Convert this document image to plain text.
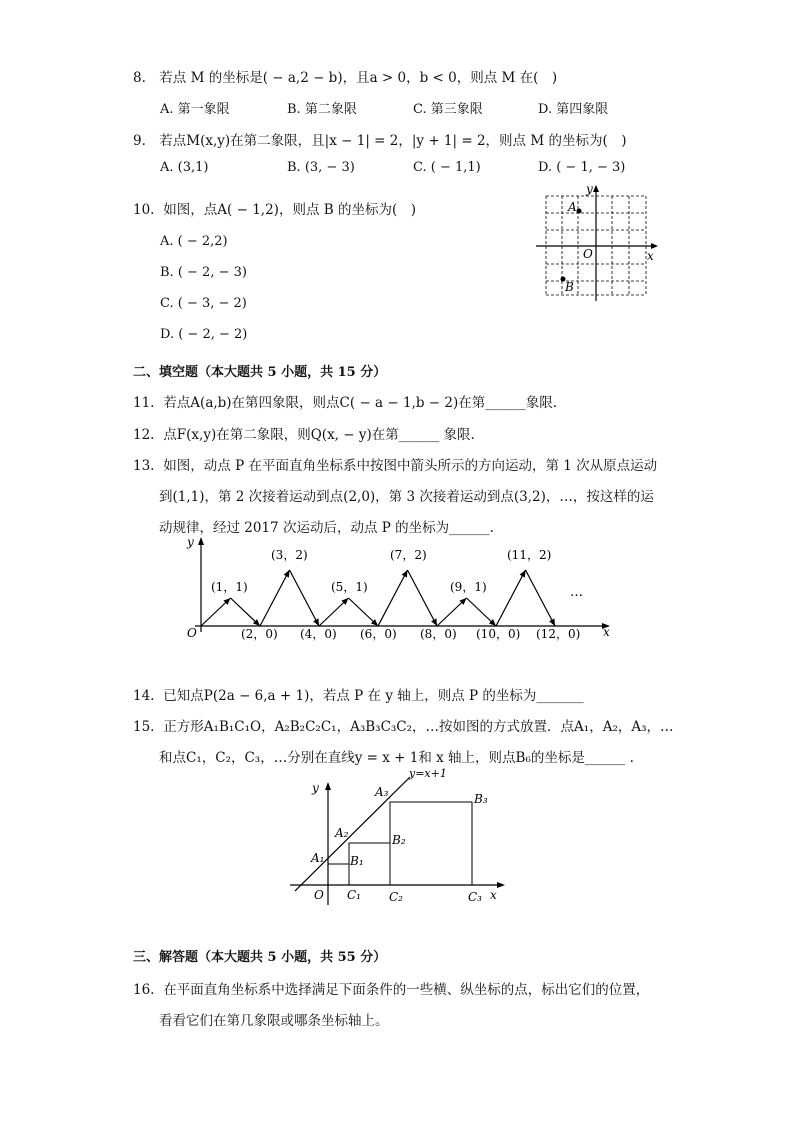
8. 若点 M 的坐标是( − a,2 − b)，且a > 0，b < 0，则点 M 在(　)
A. 第一象限	B. 第二象限	C. 第三象限	D. 第四象限
9. 若点M(x,y)在第二象限，且|x − 1| = 2，|y + 1| = 2，则点 M 的坐标为(　)
A. (3,1)	B. (3, − 3)	C. ( − 1,1)	D. ( − 1, − 3)
10. 如图，点A( − 1,2)，则点 B 的坐标为(　)
A. ( − 2,2)
B. ( − 2, − 3)
C. ( − 3, − 2)
D. ( − 2, − 2)
A
B
O	x
y
二、填空题（本大题共 5 小题，共 15 分）
11. 若点A(a,b)在第四象限，则点C( − a − 1,b − 2)在第______象限.
12. 点F(x,y)在第二象限，则Q(x, − y)在第______ 象限.
13. 如图，动点 P 在平面直角坐标系中按图中箭头所示的方向运动，第 1 次从原点运动
到(1,1)，第 2 次接着运动到点(2,0)，第 3 次接着运动到点(3,2)，…，按这样的运
动规律，经过 2017 次运动后，动点 P 的坐标为______.
O	x
y
(1，1)
(3，2)
(5，1)
(7，2)
(9，1)
(11，2)
…
(2，0) (4，0) (6，0) (8，0) (10，0) (12，0)
14. 已知点P(2a − 6,a + 1)，若点 P 在 y 轴上，则点 P 的坐标为_______
15. 正方形A₁B₁C₁O，A₂B₂C₂C₁，A₃B₃C₃C₂，…按如图的方式放置．点A₁，A₂，A₃，…
和点C₁，C₂，C₃，…分别在直线y = x + 1和 x 轴上，则点B₆的坐标是______ .
y=x+1
y
x
O
A₁
A₂
A₃
B₁
B₂
B₃
C₁ C₂	C₃
三、解答题（本大题共 5 小题，共 55 分）
16. 在平面直角坐标系中选择满足下面条件的一些横、纵坐标的点，标出它们的位置，
看看它们在第几象限或哪条坐标轴上。
